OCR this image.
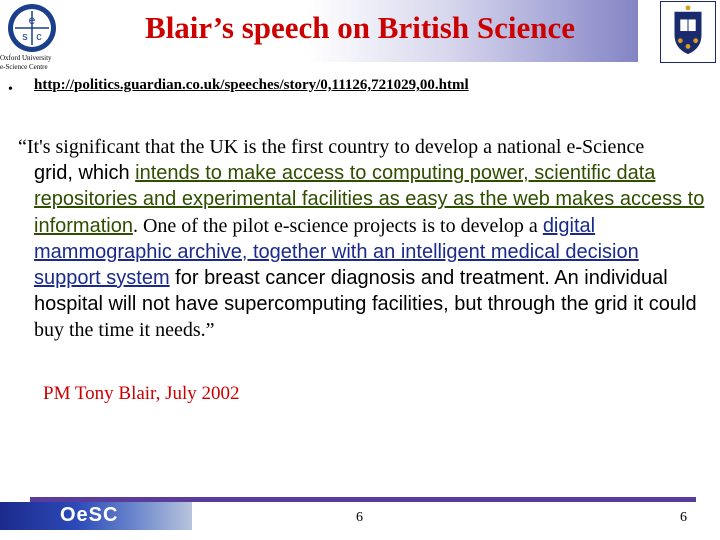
Blair’s speech on British Science
e
s c
Oxford University
e-Science Centre
• http://politics.guardian.co.uk/speeches/story/0,11126,721029,00.html
“It's significant that the UK is the first country to develop a national e-Science
grid, which intends to make access to computing power, scientific data
repositories and experimental facilities as easy as the web makes access to
information. One of the pilot e-science projects is to develop a digital
mammographic archive, together with an intelligent medical decision
support system for breast cancer diagnosis and treatment. An individual
hospital will not have supercomputing facilities, but through the grid it could
buy the time it needs.”
PM Tony Blair, July 2002
OeSC	6	6
